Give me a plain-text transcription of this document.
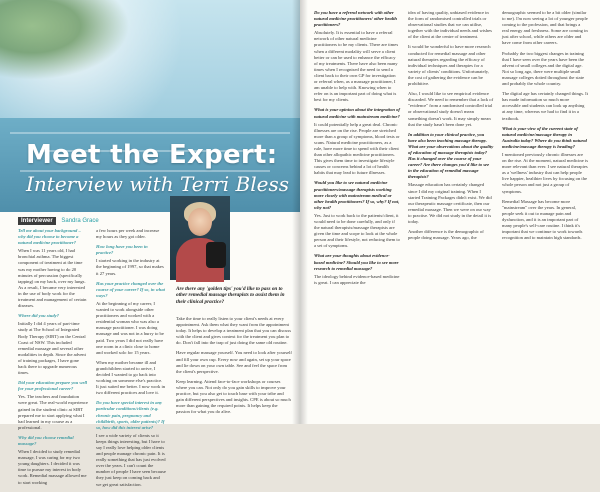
Meet the Expert:
Interview with Terri Bless
Interviewer Sandra Grace

Tell me about your background – why did you choose to become a natural medicine practitioner?

When I was 11 years old, I had bronchial asthma. The biggest component of treatment at the time was my mother having to do 20 minutes of percussion (specifically tapping) on my back, over my lungs. As a result, I became very interested in the use of body work for the treatment and management of certain diseases.

Where did you study?

Initially I did 4 years of part-time study at The School of Integrated Body Therapy (SIBT) on the Central Coast of NSW. This included remedial massage and several other modalities in depth. Since the advent of training packages, I have gone back there to upgrade numerous times.

Did your education prepare you well for your professional career?

Yes. The teachers and foundation were great. The real-world experience gained in the student clinic at SIBT prepared me to start applying what I had learned in my course as a professional.

Why did you choose remedial massage?

When I decided to study remedial massage, I was caring for my two young daughters. I decided it was time to pursue my interest in body work. Remedial massage allowed me to start working

a few hours per week and increase my hours as they got older.

How long have you been in practice?

I started working in the industry at the beginning of 1997, so that makes it 27 years.

Has your practice changed over the course of your career? If so, in what ways?

At the beginning of my career, I wanted to work alongside other practitioners and worked with a residential woman who was also a massage practitioner. I was doing massage and was not in a hurry to be paid. Two years I did not really have one room in a clinic close to home and worked solo for 15 years.

When my mother became ill and grandchildren started to arrive, I decided I wanted to go back into working on someone else's practice. It just suited me better. I now work in two different practices and love it.

Do you have special interest in any particular conditions/clients (e.g. chronic pain, pregnancy and childbirth, sports, older patients)? If so, how did this interest arise?

I see a wide variety of clients so it keeps things interesting, but I have to say I really love helping older clients and people manage chronic pain. It is really something that has just evolved over the years. I can't count the number of people I have seen because they just keep on coming back and we get great satisfaction.

Are there any 'golden tips' you'd like to pass on to other remedial massage therapists to assist them in their clinical practice?

Take the time to really listen to your client's needs at every appointment. Ask them what they want from the appointment today. It helps to develop a treatment plan that you can discuss with the client and gives context for the treatment you plan to do. Don't fall into the trap of just doing the same old routine.

Have regular massage yourself. You need to look after yourself and fill your own cup. Every now and again, set up your space and lie down on your own table. See and feel the space from the client's perspective.

Keep learning. Attend face-to-face workshops or courses where you can. Not only do you gain skills to improve your practice, but you also get to touch base with your tribe and gain different perspectives and insights. CPE is about so much more than gaining the required points. It helps keep the passion for what you do alive.

Do you have a referral network with other natural medicine practitioners/ other health practitioners?

Absolutely. It is essential to have a referral network of other natural medicine practitioners to be my clients. There are times when a different modality will serve a client better or can be used to enhance the efficacy of my treatments. There have also been many times when I recognised the need to send a client back to their own GP for investigation or referral when, as a massage practitioner, I am unable to help with. Knowing when to refer on is an important part of doing what is best for my clients.

What is your opinion about the integration of natural medicine with mainstream medicine?

It could potentially help a great deal. Chronic illnesses are on the rise. People are stretched more than a group of symptoms, blood tests or scans. Natural medicine practitioners, as a rule, have more time to spend with their client than other allopathic medicine practitioners. This gives them time to investigate lifestyle causes or concerns behind a lot of health habits that may lead to future illnesses.

Would you like to see natural medicine practitioners/massage therapists working more closely with mainstream medical or other health practitioners? If so, why? If not, why not?

Yes. Just to work back to the patients/client, it would need to be done carefully, and only if the natural therapists/massage therapists are given the time and scope to look at the whole person and their lifestyle, not reducing them to a set of symptoms.

What are your thoughts about evidence-based medicine? Should you like to see more research to remedial massage?

The ideology behind evidence-based medicine is great. I can appreciate the

idea of having quality, unbiased evidence in the form of randomised controlled trials or observational studies that we can utilise, together with the individual needs and wishes of the client at the centre of treatment.

It would be wonderful to have more research conducted for remedial massage and other natural therapies regarding the efficacy of individual techniques and therapies for a variety of clients' conditions. Unfortunately, the cost of gathering the evidence can be prohibitive.

Also, I would like to see empirical evidence discarded. We need to remember that a lack of "evidence" from a randomised controlled trial or observational study doesn't mean something doesn't work. It may simply mean that the study hasn't been done yet.

In addition to your clinical practice, you have also been teaching massage therapy. What are your observations about the quality of education of massage therapists today? Has it changed over the course of your career? Are there changes you'd like to see in the education of remedial massage therapists?

Massage education has certainly changed since I did my original training. When I started Training Packages didn't exist. We did our therapeutic massage certificate, then our remedial massage. Then we were on our way to practise. We did not study in the detail it is today.

Another difference is the demographic of people doing massage. Years ago, the

demographic seemed to be a bit older (similar to me). I'm now seeing a lot of younger people coming to the profession, and that brings a real energy and freshness. Some are coming in just after school, while others are older and have come from other careers.

Probably the two biggest changes in training that I have seen over the years have been the advent of small colleges and the digital age. Not so long ago, there were multiple small massage colleges dotted throughout the state and probably the whole country.

The digital age has certainly changed things. It has made information so much more accessible and students can look up anything at any time, whereas we had to find it in a textbook.

What is your view of the current state of natural medicine/massage therapy in Australia today? Where do you think natural medicine/massage therapy is heading?

I mentioned previously chronic illnesses are on the rise. At the moment, natural medicine is more relevant than ever. I see natural therapies as a 'wellness' industry that can help people live happier, healthier lives by focusing on the whole person and not just a group of symptoms.

Remedial Massage has become more "mainstream" over the years. In general, people seek it out to manage pain and dysfunction, and it is an important part of many people's self-care routine. I think it's important that we continue to work towards recognition and to maintain high standards.
